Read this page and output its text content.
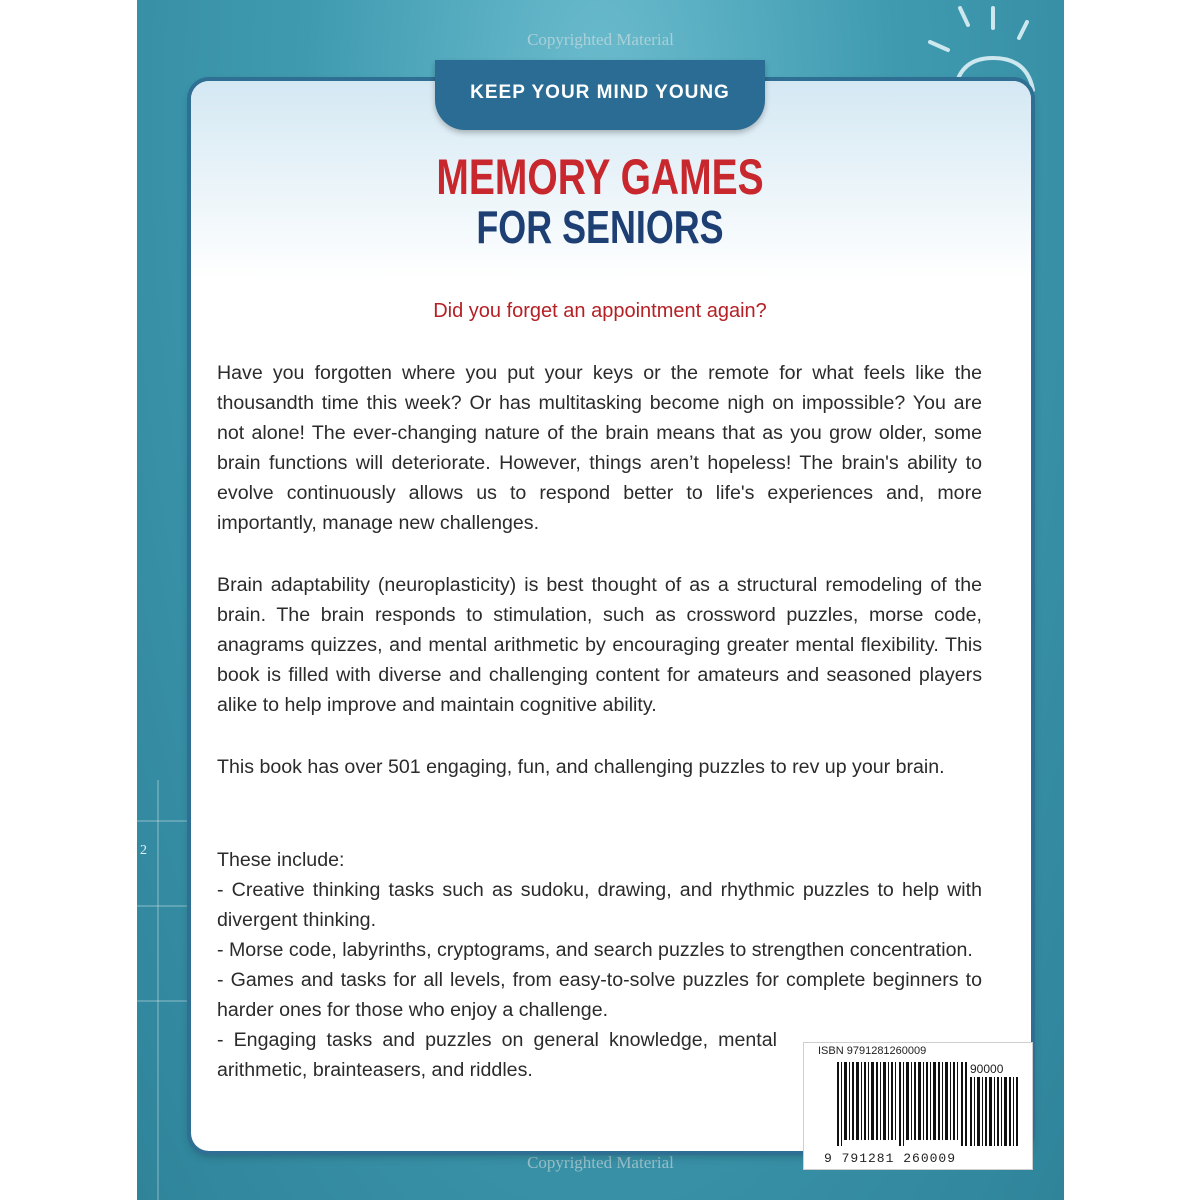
Copyrighted Material
Copyrighted Material
2
KEEP YOUR MIND YOUNG
MEMORY GAMES
FOR SENIORS
Did you forget an appointment again?

Have you forgotten where you put your keys or the remote for what feels like the thousandth time this week? Or has multitasking become nigh on impossible? You are not alone! The ever-changing nature of the brain means that as you grow older, some brain functions will deteriorate. However, things aren’t hopeless! The brain's ability to evolve continuously allows us to respond better to life's experiences and, more importantly, manage new challenges.

Brain adaptability (neuroplasticity) is best thought of as a structural remodeling of the brain. The brain responds to stimulation, such as crossword puzzles, morse code, anagrams quizzes, and mental arithmetic by encouraging greater mental flexibility. This book is filled with diverse and challenging content for amateurs and seasoned players alike to help improve and maintain cognitive ability.

This book has over 501 engaging, fun, and challenging puzzles to rev up your brain.

These include:
- Creative thinking tasks such as sudoku, drawing, and rhythmic puzzles to help with divergent thinking.
- Morse code, labyrinths, cryptograms, and search puzzles to strengthen concentration.
- Games and tasks for all levels, from easy-to-solve puzzles for complete beginners to harder ones for those who enjoy a challenge.
- Engaging tasks and puzzles on general knowledge, mental arithmetic, brainteasers, and riddles.
ISBN 9791281260009
90000
9 791281 260009
